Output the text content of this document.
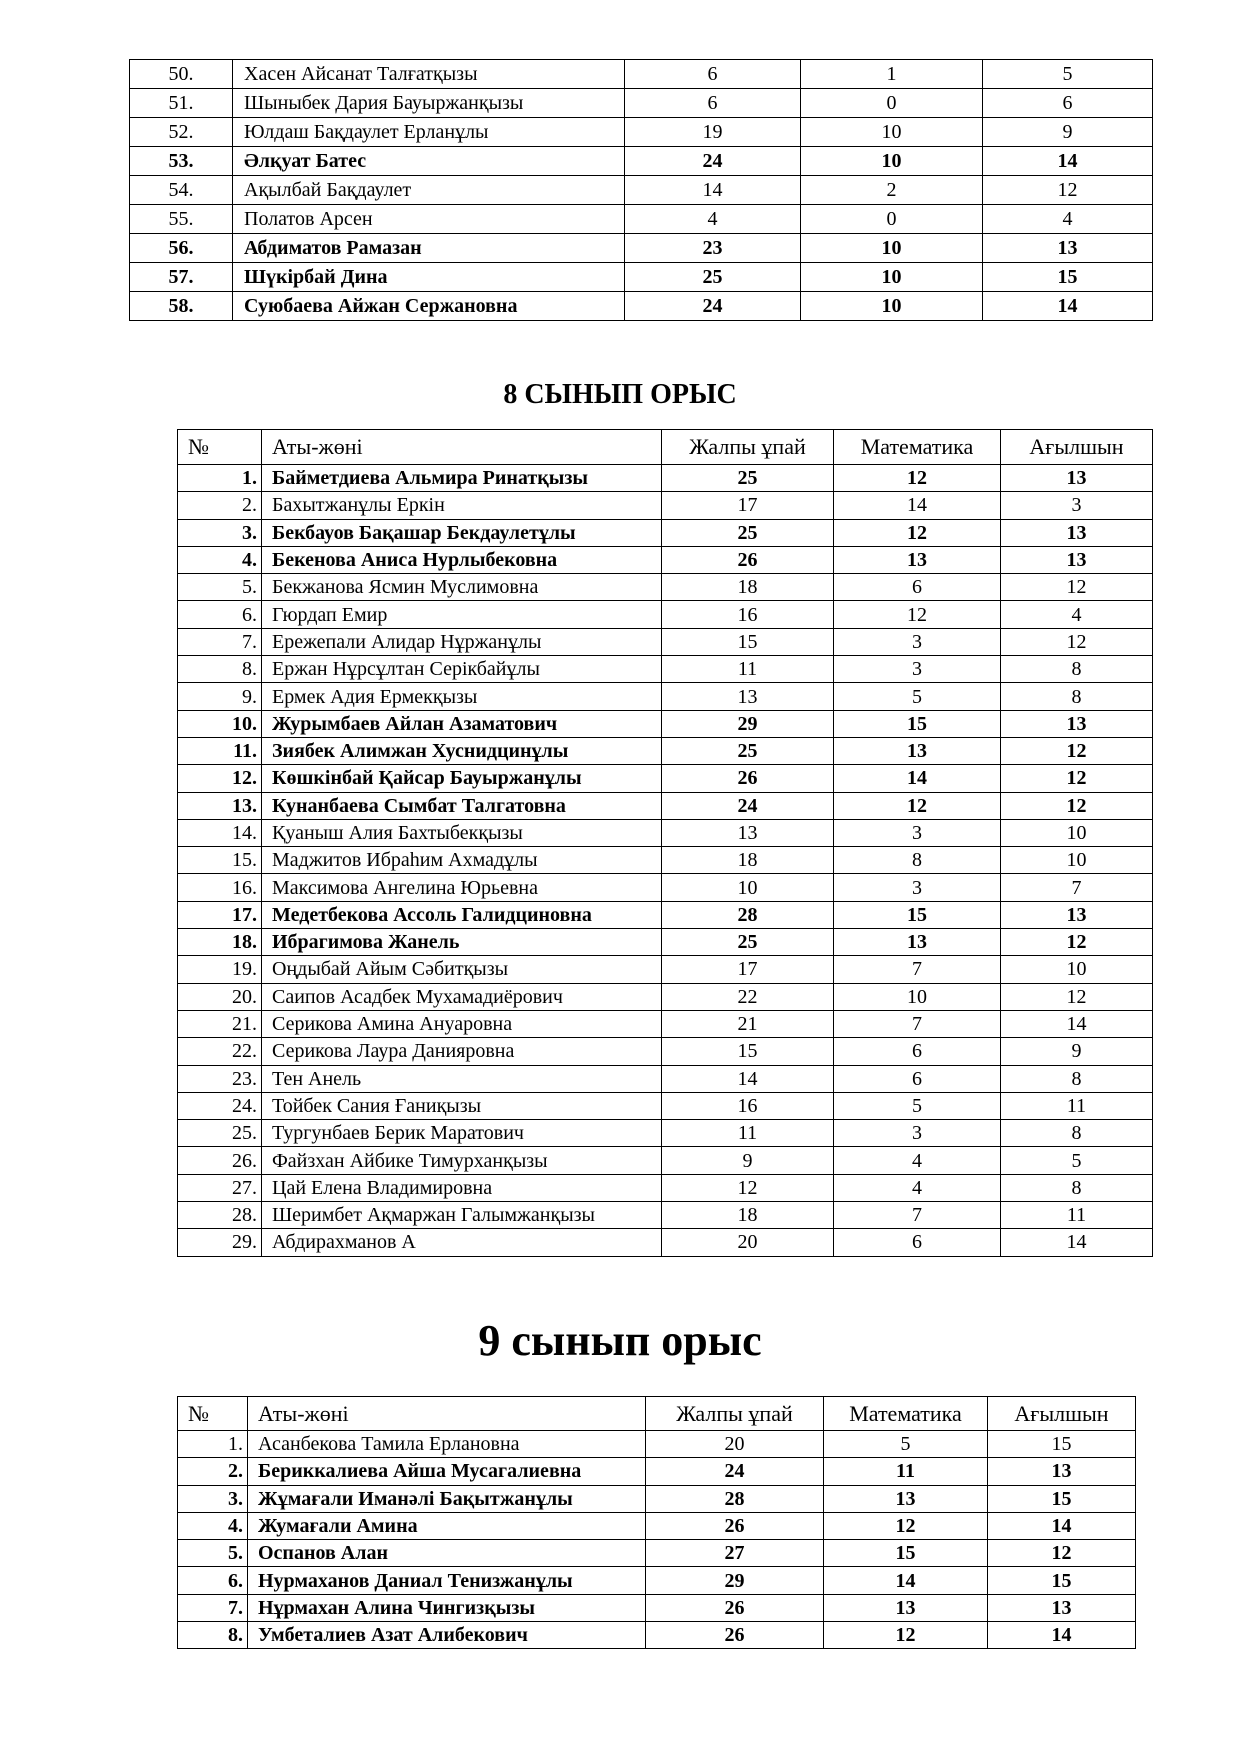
50.	Хасен Айсанат Талғатқызы	6	1	5
51.	Шыныбек Дария Бауыржанқызы	6	0	6
52.	Юлдаш Бақдаулет Ерланұлы	19	10	9
53.	Әлқуат Батес	24	10	14
54.	Ақылбай Бақдаулет	14	2	12
55.	Полатов Арсен	4	0	4
56.	Абдиматов Рамазан	23	10	13
57.	Шүкірбай Дина	25	10	15
58.	Суюбаева Айжан Сержановна	24	10	14
8 СЫНЫП ОРЫС
№	Аты-жөні	Жалпы ұпай	Математика	Ағылшын
1.	Байметдиева Альмира Ринатқызы	25	12	13
2.	Бахытжанұлы Еркін	17	14	3
3.	Бекбауов Бақашар Бекдаулетұлы	25	12	13
4.	Бекенова Аниса Нурлыбековна	26	13	13
5.	Бекжанова Ясмин Муслимовна	18	6	12
6.	Гюрдап Емир	16	12	4
7.	Ережепали Алидар Нұржанұлы	15	3	12
8.	Ержан Нұрсұлтан Серікбайұлы	11	3	8
9.	Ермек Адия Ермекқызы	13	5	8
10.	Журымбаев Айлан Азаматович	29	15	13
11.	Зиябек Алимжан Хуснидцинұлы	25	13	12
12.	Көшкінбай Қайсар Бауыржанұлы	26	14	12
13.	Кунанбаева Сымбат Талгатовна	24	12	12
14.	Қуаныш Алия Бахтыбекқызы	13	3	10
15.	Маджитов Ибраһим Ахмадұлы	18	8	10
16.	Максимова Ангелина Юрьевна	10	3	7
17.	Медетбекова Ассоль Галидциновна	28	15	13
18.	Ибрагимова Жанель	25	13	12
19.	Оңдыбай Айым Сәбитқызы	17	7	10
20.	Саипов Асадбек Мухамадиёрович	22	10	12
21.	Серикова Амина Ануаровна	21	7	14
22.	Серикова Лаура Данияровна	15	6	9
23.	Тен Анель	14	6	8
24.	Тойбек Сания Ғаниқызы	16	5	11
25.	Тургунбаев Берик Маратович	11	3	8
26.	Файзхан Айбике Тимурханқызы	9	4	5
27.	Цай Елена Владимировна	12	4	8
28.	Шеримбет Ақмаржан Галымжанқызы	18	7	11
29.	Абдирахманов А	20	6	14
9 сынып орыс
№	Аты-жөні	Жалпы ұпай	Математика	Ағылшын
1.	Асанбекова Тамила Ерлановна	20	5	15
2.	Бериккалиева Айша Мусагалиевна	24	11	13
3.	Жұмағали Иманәлі Бақытжанұлы	28	13	15
4.	Жумағали Амина	26	12	14
5.	Оспанов Алан	27	15	12
6.	Нурмаханов Даниал Тенизжанұлы	29	14	15
7.	Нұрмахан Алина Чингизқызы	26	13	13
8.	Умбеталиев Азат Алибекович	26	12	14
